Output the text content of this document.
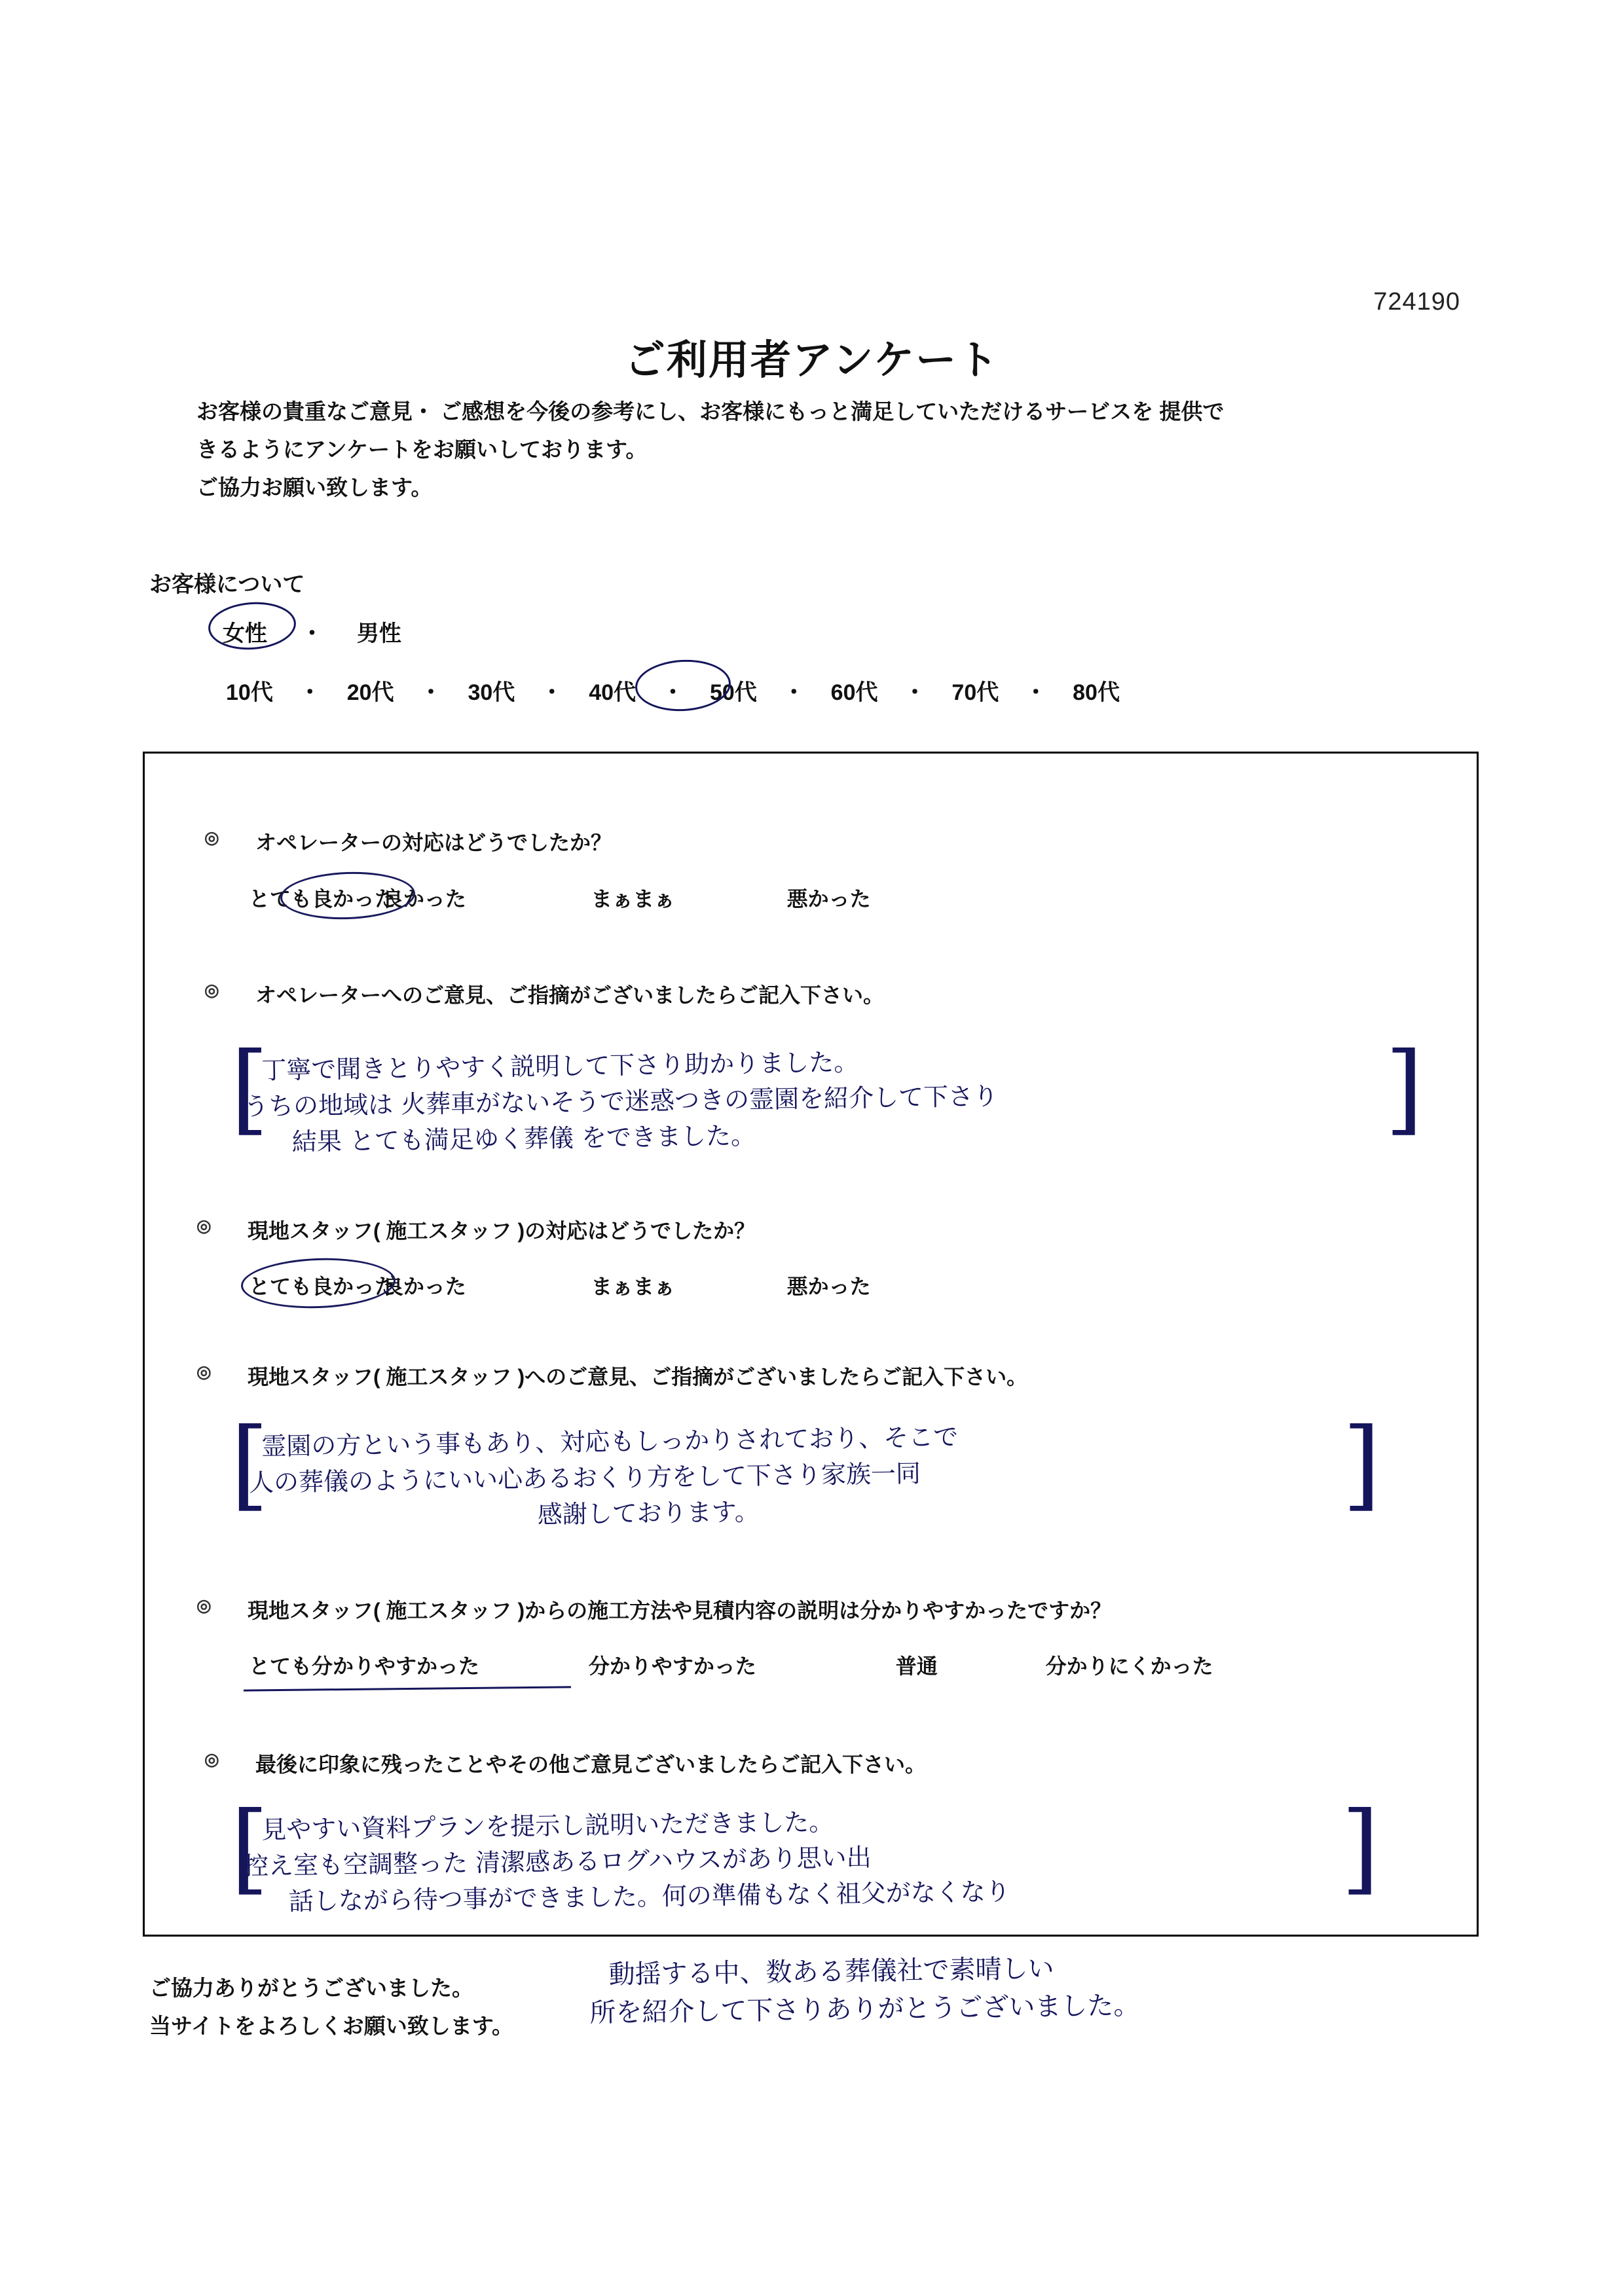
724190
ご利用者アンケート
お客様の貴重なご意見・ ご感想を今後の参考にし、お客様にもっと満足していただけるサービスを 提供で
きるようにアンケートをお願いしております。
ご協力お願い致します。
お客様について
女性 ・ 男性
10代 ・ 20代 ・ 30代 ・ 40代 ・ 50代 ・ 60代 ・ 70代 ・ 80代
◎ オペレーターの対応はどうでしたか？
とても良かった 良かった	まぁまぁ	悪かった
◎ オペレーターへのご意見、ご指摘がございましたらご記入下さい。
[	]
丁寧で聞きとりやすく説明して下さり助かりました。
うちの地域は 火葬車がないそうで迷惑つきの霊園を紹介して下さり
結果 とても満足ゆく葬儀 をできました。
◎ 現地スタッフ( 施工スタッフ )の対応はどうでしたか？
とても良かった 良かった	まぁまぁ	悪かった
◎ 現地スタッフ( 施工スタッフ )へのご意見、ご指摘がございましたらご記入下さい。
[	]
霊園の方という事もあり、対応もしっかりされており、そこで
人の葬儀のようにいい心あるおくり方をして下さり家族一同
感謝しております。
◎ 現地スタッフ( 施工スタッフ )からの施工方法や見積内容の説明は分かりやすかったですか？
とても分かりやすかった	分かりやすかった	普通	分かりにくかった
◎ 最後に印象に残ったことやその他ご意見ございましたらご記入下さい。
[	]
見やすい資料プランを提示し説明いただきました。
控え室も空調整った 清潔感あるログハウスがあり思い出
話しながら待つ事ができました。何の準備もなく祖父がなくなり
動揺する中、数ある葬儀社で素晴しい
所を紹介して下さりありがとうございました。
ご協力ありがとうございました。
当サイトをよろしくお願い致します。
